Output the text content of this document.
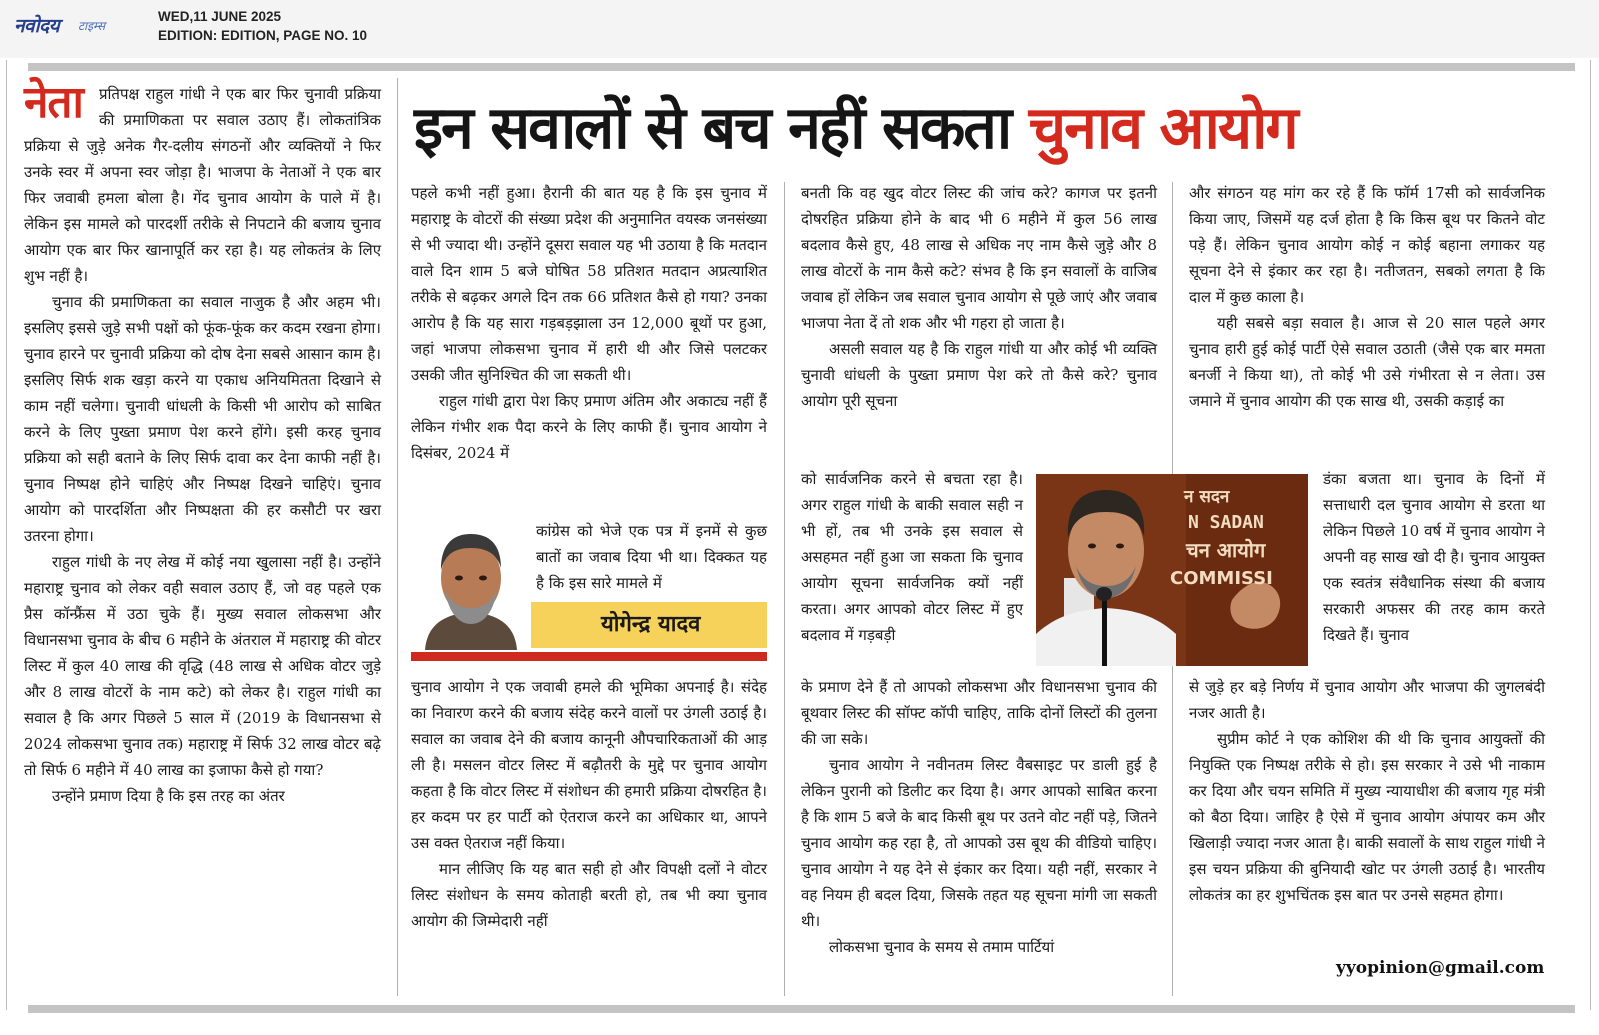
नवोदय टाइम्स
WED,11 JUNE 2025
EDITION: EDITION, PAGE NO. 10
नेता	इन सवालों से बच नहीं सकता चुनाव आयोग

प्रतिपक्ष राहुल गांधी ने एक बार फिर चुनावी प्रक्रिया की प्रमाणिकता पर सवाल उठाए हैं। लोकतांत्रिक प्रक्रिया से जुड़े अनेक गैर-दलीय संगठनों और व्यक्तियों ने फिर उनके स्वर में अपना स्वर जोड़ा है। भाजपा के नेताओं ने एक बार फिर जवाबी हमला बोला है। गेंद चुनाव आयोग के पाले में है। लेकिन इस मामले को पारदर्शी तरीके से निपटाने की बजाय चुनाव आयोग एक बार फिर खानापूर्ति कर रहा है। यह लोकतंत्र के लिए शुभ नहीं है।

चुनाव की प्रमाणिकता का सवाल नाजुक है और अहम भी। इसलिए इससे जुड़े सभी पक्षों को फूंक-फूंक कर कदम रखना होगा। चुनाव हारने पर चुनावी प्रक्रिया को दोष देना सबसे आसान काम है। इसलिए सिर्फ शक खड़ा करने या एकाध अनियमितता दिखाने से काम नहीं चलेगा। चुनावी धांधली के किसी भी आरोप को साबित करने के लिए पुख्ता प्रमाण पेश करने होंगे। इसी करह चुनाव प्रक्रिया को सही बताने के लिए सिर्फ दावा कर देना काफी नहीं है। चुनाव निष्पक्ष होने चाहिएं और निष्पक्ष दिखने चाहिएं। चुनाव आयोग को पारदर्शिता और निष्पक्षता की हर कसौटी पर खरा उतरना होगा।

राहुल गांधी के नए लेख में कोई नया खुलासा नहीं है। उन्होंने महाराष्ट्र चुनाव को लेकर वही सवाल उठाए हैं, जो वह पहले एक प्रैस कॉन्फ्रैंस में उठा चुके हैं। मुख्य सवाल लोकसभा और विधानसभा चुनाव के बीच 6 महीने के अंतराल में महाराष्ट्र की वोटर लिस्ट में कुल 40 लाख की वृद्धि (48 लाख से अधिक वोटर जुड़े और 8 लाख वोटरों के नाम कटे) को लेकर है। राहुल गांधी का सवाल है कि अगर पिछले 5 साल में (2019 के विधानसभा से 2024 लोकसभा चुनाव तक) महाराष्ट्र में सिर्फ 32 लाख वोटर बढ़े तो सिर्फ 6 महीने में 40 लाख का इजाफा कैसे हो गया?

उन्होंने प्रमाण दिया है कि इस तरह का अंतर

पहले कभी नहीं हुआ। हैरानी की बात यह है कि इस चुनाव में महाराष्ट्र के वोटरों की संख्या प्रदेश की अनुमानित वयस्क जनसंख्या से भी ज्यादा थी। उन्होंने दूसरा सवाल यह भी उठाया है कि मतदान वाले दिन शाम 5 बजे घोषित 58 प्रतिशत मतदान अप्रत्याशित तरीके से बढ़कर अगले दिन तक 66 प्रतिशत कैसे हो गया? उनका आरोप है कि यह सारा गड़बड़झाला उन 12,000 बूथों पर हुआ, जहां भाजपा लोकसभा चुनाव में हारी थी और जिसे पलटकर उसकी जीत सुनिश्चित की जा सकती थी।

राहुल गांधी द्वारा पेश किए प्रमाण अंतिम और अकाट्य नहीं हैं लेकिन गंभीर शक पैदा करने के लिए काफी हैं। चुनाव आयोग ने दिसंबर, 2024 में

कांग्रेस को भेजे एक पत्र में इनमें से कुछ बातों का जवाब दिया भी था। दिक्कत यह है कि इस सारे मामले में

योगेन्द्र यादव

चुनाव आयोग ने एक जवाबी हमले की भूमिका अपनाई है। संदेह का निवारण करने की बजाय संदेह करने वालों पर उंगली उठाई है। सवाल का जवाब देने की बजाय कानूनी औपचारिकताओं की आड़ ली है। मसलन वोटर लिस्ट में बढ़ौतरी के मुद्दे पर चुनाव आयोग कहता है कि वोटर लिस्ट में संशोधन की हमारी प्रक्रिया दोषरहित है। हर कदम पर हर पार्टी को ऐतराज करने का अधिकार था, आपने उस वक्त ऐतराज नहीं किया।

मान लीजिए कि यह बात सही हो और विपक्षी दलों ने वोटर लिस्ट संशोधन के समय कोताही बरती हो, तब भी क्या चुनाव आयोग की जिम्मेदारी नहीं

बनती कि वह खुद वोटर लिस्ट की जांच करे? कागज पर इतनी दोषरहित प्रक्रिया होने के बाद भी 6 महीने में कुल 56 लाख बदलाव कैसे हुए, 48 लाख से अधिक नए नाम कैसे जुड़े और 8 लाख वोटरों के नाम कैसे कटे? संभव है कि इन सवालों के वाजिब जवाब हों लेकिन जब सवाल चुनाव आयोग से पूछे जाएं और जवाब भाजपा नेता दें तो शक और भी गहरा हो जाता है।

असली सवाल यह है कि राहुल गांधी या और कोई भी व्यक्ति चुनावी धांधली के पुख्ता प्रमाण पेश करे तो कैसे करे? चुनाव आयोग पूरी सूचना

को सार्वजनिक करने से बचता रहा है। अगर राहुल गांधी के बाकी सवाल सही न भी हों, तब भी उनके इस सवाल से असहमत नहीं हुआ जा सकता कि चुनाव आयोग सूचना सार्वजनिक क्यों नहीं करता। अगर आपको वोटर लिस्ट में हुए बदलाव में गड़बड़ी

के प्रमाण देने हैं तो आपको लोकसभा और विधानसभा चुनाव की बूथवार लिस्ट की सॉफ्ट कॉपी चाहिए, ताकि दोनों लिस्टों की तुलना की जा सके।

चुनाव आयोग ने नवीनतम लिस्ट वैबसाइट पर डाली हुई है लेकिन पुरानी को डिलीट कर दिया है। अगर आपको साबित करना है कि शाम 5 बजे के बाद किसी बूथ पर उतने वोट नहीं पड़े, जितने चुनाव आयोग कह रहा है, तो आपको उस बूथ की वीडियो चाहिए। चुनाव आयोग ने यह देने से इंकार कर दिया। यही नहीं, सरकार ने वह नियम ही बदल दिया, जिसके तहत यह सूचना मांगी जा सकती थी।

लोकसभा चुनाव के समय से तमाम पार्टियां

न सदन
N SADAN
चन आयोग
COMMISSI

और संगठन यह मांग कर रहे हैं कि फॉर्म 17सी को सार्वजनिक किया जाए, जिसमें यह दर्ज होता है कि किस बूथ पर कितने वोट पड़े हैं। लेकिन चुनाव आयोग कोई न कोई बहाना लगाकर यह सूचना देने से इंकार कर रहा है। नतीजतन, सबको लगता है कि दाल में कुछ काला है।

यही सबसे बड़ा सवाल है। आज से 20 साल पहले अगर चुनाव हारी हुई कोई पार्टी ऐसे सवाल उठाती (जैसे एक बार ममता बनर्जी ने किया था), तो कोई भी उसे गंभीरता से न लेता। उस जमाने में चुनाव आयोग की एक साख थी, उसकी कड़ाई का

डंका बजता था। चुनाव के दिनों में सत्ताधारी दल चुनाव आयोग से डरता था लेकिन पिछले 10 वर्ष में चुनाव आयोग ने अपनी वह साख खो दी है। चुनाव आयुक्त एक स्वतंत्र संवैधानिक संस्था की बजाय सरकारी अफसर की तरह काम करते दिखते हैं। चुनाव

से जुड़े हर बड़े निर्णय में चुनाव आयोग और भाजपा की जुगलबंदी नजर आती है।

सुप्रीम कोर्ट ने एक कोशिश की थी कि चुनाव आयुक्तों की नियुक्ति एक निष्पक्ष तरीके से हो। इस सरकार ने उसे भी नाकाम कर दिया और चयन समिति में मुख्य न्यायाधीश की बजाय गृह मंत्री को बैठा दिया। जाहिर है ऐसे में चुनाव आयोग अंपायर कम और खिलाड़ी ज्यादा नजर आता है। बाकी सवालों के साथ राहुल गांधी ने इस चयन प्रक्रिया की बुनियादी खोट पर उंगली उठाई है। भारतीय लोकतंत्र का हर शुभचिंतक इस बात पर उनसे सहमत होगा।

yyopinion@gmail.com
